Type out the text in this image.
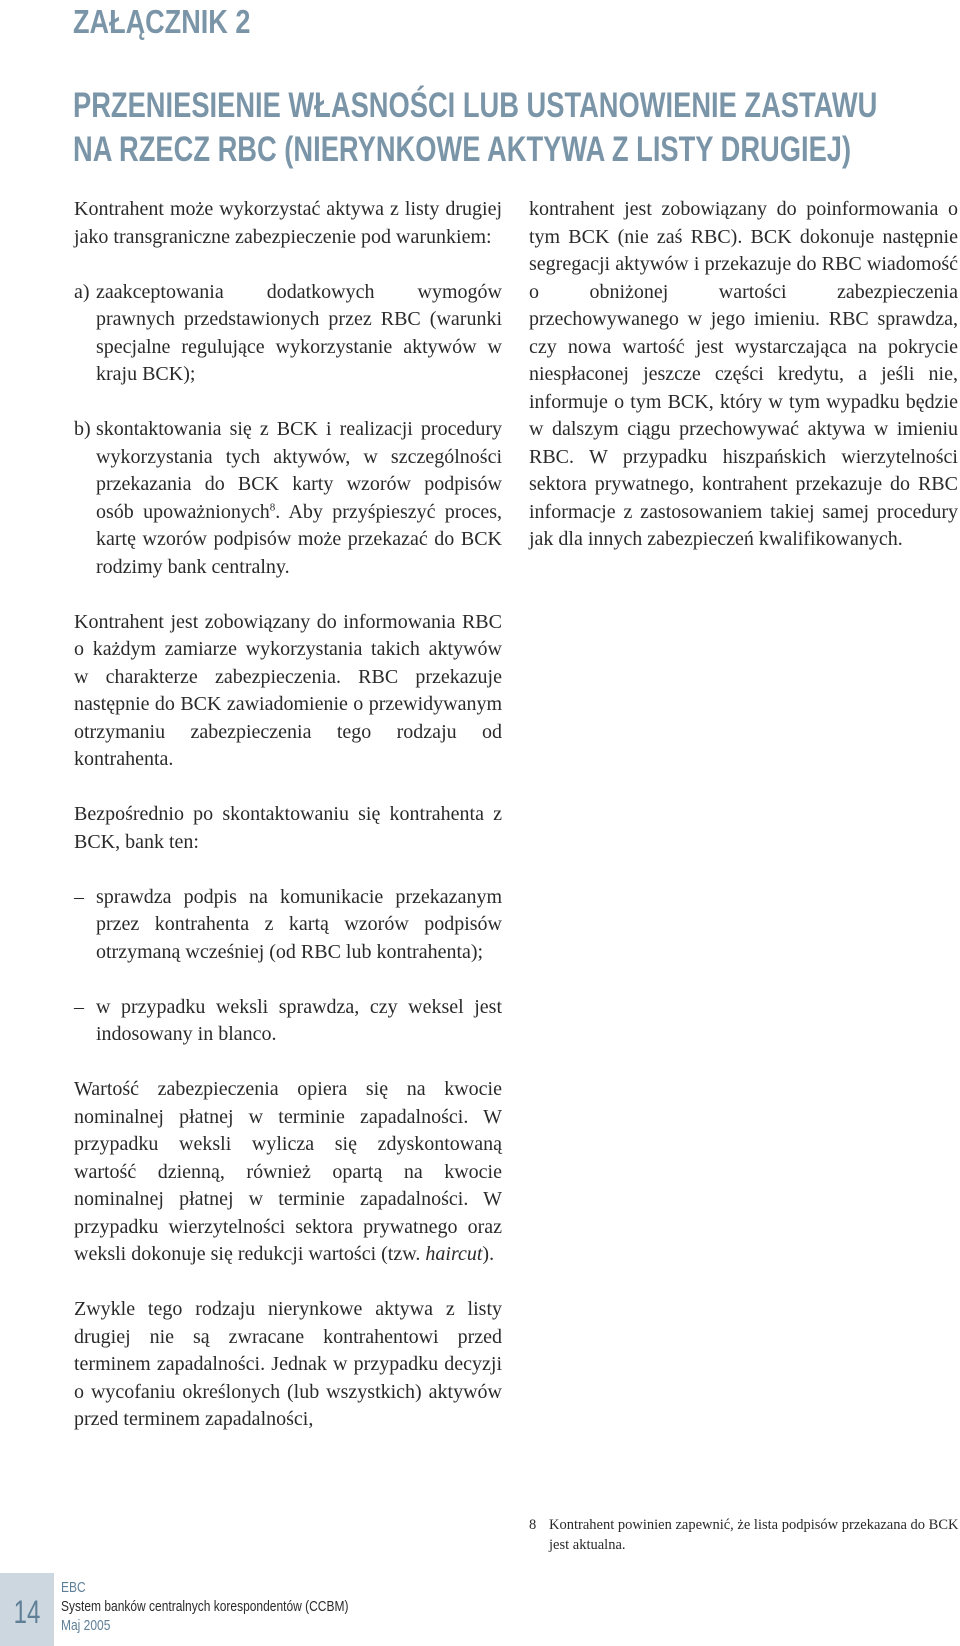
ZAŁĄCZNIK 2
PRZENIESIENIE WŁASNOŚCI LUB USTANOWIENIE ZASTAWU NA RZECZ RBC (NIERYNKOWE AKTYWA Z LISTY DRUGIEJ)

Kontrahent może wykorzystać aktywa z listy drugiej jako transgraniczne zabezpieczenie pod warunkiem:

a) zaakceptowania dodatkowych wymogów prawnych przedstawionych przez RBC (warunki specjalne regulujące wykorzystanie aktywów w kraju BCK);
b) skontaktowania się z BCK i realizacji procedury wykorzystania tych aktywów, w szczególności przekazania do BCK karty wzorów podpisów osób upoważnionych$^8$. Aby przyśpieszyć proces, kartę wzorów podpisów może przekazać do BCK rodzimy bank centralny.

Kontrahent jest zobowiązany do informowania RBC o każdym zamiarze wykorzystania takich aktywów w charakterze zabezpieczenia. RBC przekazuje następnie do BCK zawiadomienie o przewidywanym otrzymaniu zabezpieczenia tego rodzaju od kontrahenta.

Bezpośrednio po skontaktowaniu się kontrahenta z BCK, bank ten:

– sprawdza podpis na komunikacie przekazanym przez kontrahenta z kartą wzorów podpisów otrzymaną wcześniej (od RBC lub kontrahenta);
– w przypadku weksli sprawdza, czy weksel jest indosowany in blanco.

Wartość zabezpieczenia opiera się na kwocie nominalnej płatnej w terminie zapadalności. W przypadku weksli wylicza się zdyskontowaną wartość dzienną, również opartą na kwocie nominalnej płatnej w terminie zapadalności. W przypadku wierzytelności sektora prywatnego oraz weksli dokonuje się redukcji wartości (tzw. haircut).

Zwykle tego rodzaju nierynkowe aktywa z listy drugiej nie są zwracane kontrahentowi przed terminem zapadalności. Jednak w przypadku decyzji o wycofaniu określonych (lub wszystkich) aktywów przed terminem zapadalności,

kontrahent jest zobowiązany do poinformowania o tym BCK (nie zaś RBC). BCK dokonuje następnie segregacji aktywów i przekazuje do RBC wiadomość o obniżonej wartości zabezpieczenia przechowywanego w jego imieniu. RBC sprawdza, czy nowa wartość jest wystarczająca na pokrycie niespłaconej jeszcze części kredytu, a jeśli nie, informuje o tym BCK, który w tym wypadku będzie w dalszym ciągu przechowywać aktywa w imieniu RBC. W przypadku hiszpańskich wierzytelności sektora prywatnego, kontrahent przekazuje do RBC informacje z zastosowaniem takiej samej procedury jak dla innych zabezpieczeń kwalifikowanych.

8 Kontrahent powinien zapewnić, że lista podpisów przekazana do BCK jest aktualna.
14
EBC
System banków centralnych korespondentów (CCBM)
Maj 2005
